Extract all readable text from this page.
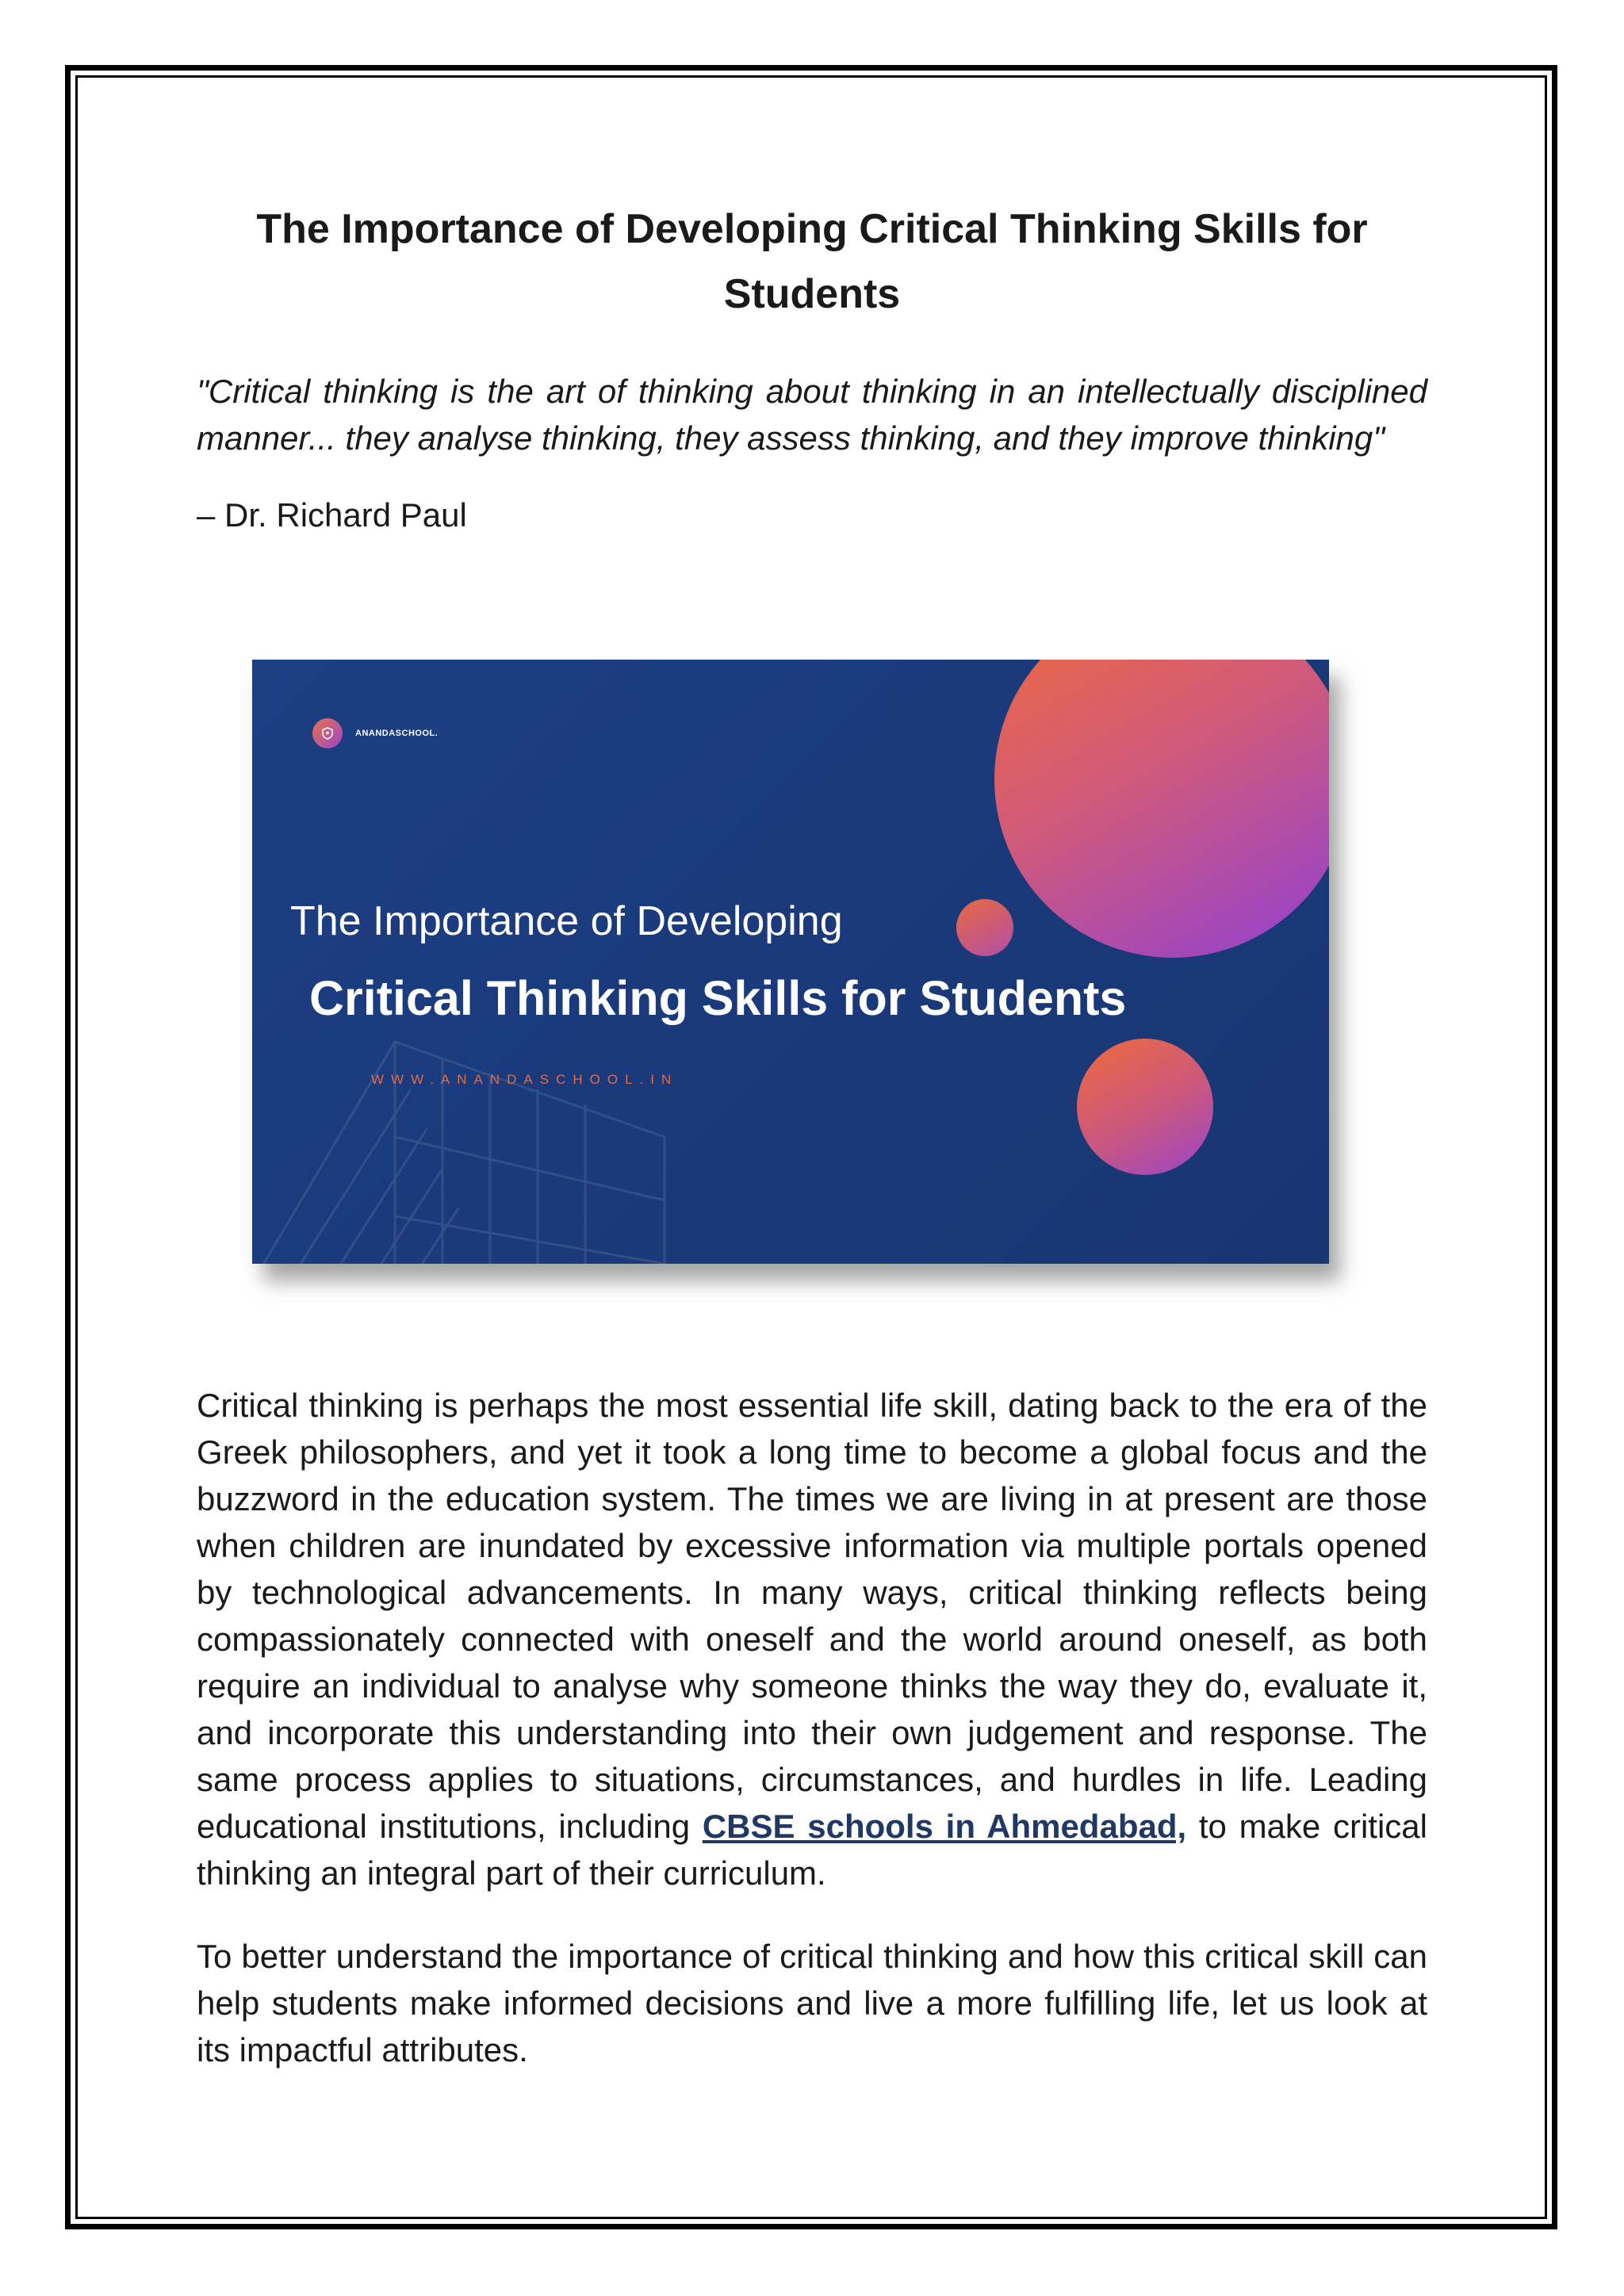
The Importance of Developing Critical Thinking Skills for Students

"Critical thinking is the art of thinking about thinking in an intellectually disciplined manner... they analyse thinking, they assess thinking, and they improve thinking"

– Dr. Richard Paul

ANANDASCHOOL.
The Importance of Developing
Critical Thinking Skills for Students
WWW.ANANDASCHOOL.IN

Critical thinking is perhaps the most essential life skill, dating back to the era of the Greek philosophers, and yet it took a long time to become a global focus and the buzzword in the education system. The times we are living in at present are those when children are inundated by excessive information via multiple portals opened by technological advancements. In many ways, critical thinking reflects being compassionately connected with oneself and the world around oneself, as both require an individual to analyse why someone thinks the way they do, evaluate it, and incorporate this understanding into their own judgement and response. The same process applies to situations, circumstances, and hurdles in life. Leading educational institutions, including CBSE schools in Ahmedabad, to make critical thinking an integral part of their curriculum.

To better understand the importance of critical thinking and how this critical skill can help students make informed decisions and live a more fulfilling life, let us look at its impactful attributes.
